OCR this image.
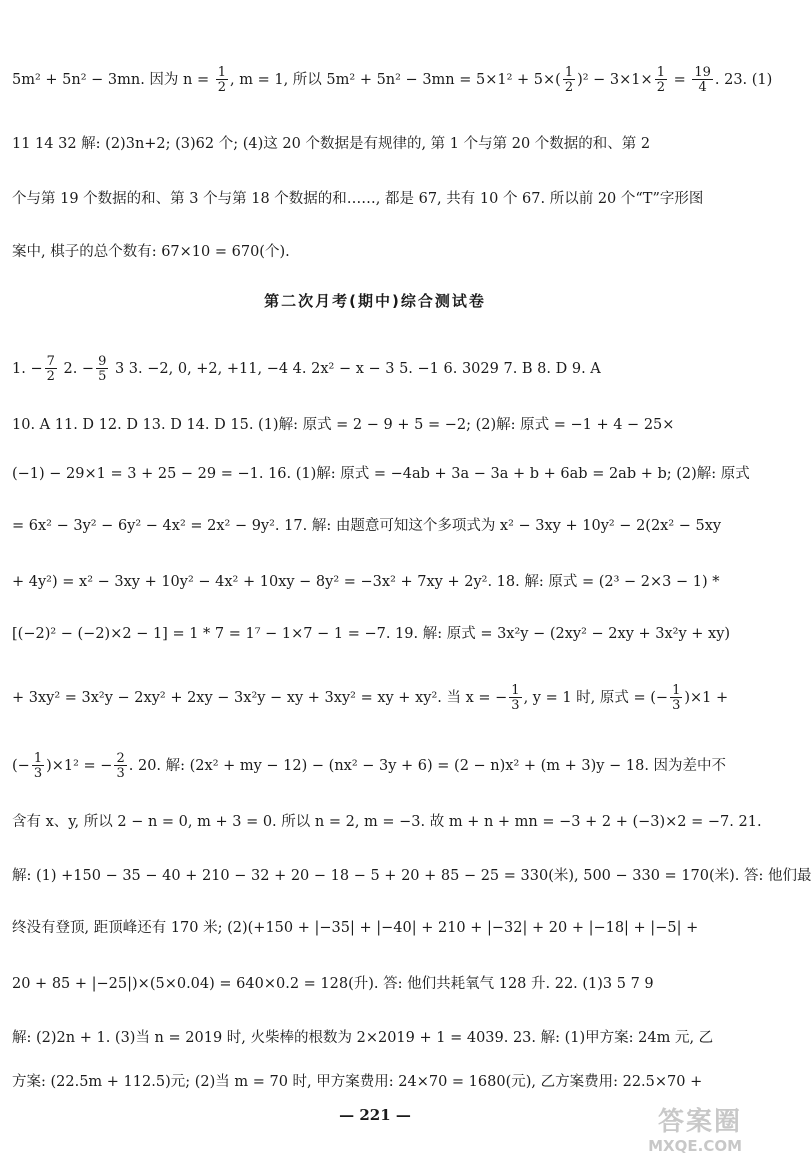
5m² + 5n² − 3mn. 因为 $n = \frac{1}{2}$ , m = 1, 所以 $5m^2 + 5n^2 - 3mn = 5\times 1^2 + 5\times( \frac{1}{2} )^2 - 3\times 1\times \frac{1}{2} = \frac{19}{4}$ . 23. (1)
11 14 32 解: (2)3n+2; (3)62 个; (4)这 20 个数据是有规律的, 第 1 个与第 20 个数据的和、第 2
个与第 19 个数据的和、第 3 个与第 18 个数据的和……, 都是 67, 共有 10 个 67. 所以前 20 个“T”字形图
案中, 棋子的总个数有: 67×10 = 670(个).
第二次月考(期中)综合测试卷
1. − $\frac{7}{2} 2$. − $\frac{9}{5} 3$ 3. −2, 0, +2, +11, −4 4. 2x² − x − 3 5. −1 6. 3029 7. B 8. D 9. A
10. A 11. D 12. D 13. D 14. D 15. (1)解: 原式 = 2 − 9 + 5 = −2; (2)解: 原式 = −1 + 4 − 25×
(−1) − 29×1 = 3 + 25 − 29 = −1. 16. (1)解: 原式 = −4ab + 3a − 3a + b + 6ab = 2ab + b; (2)解: 原式
= 6x² − 3y² − 6y² − 4x² = 2x² − 9y². 17. 解: 由题意可知这个多项式为 x² − 3xy + 10y² − 2(2x² − 5xy
+ 4y²) = x² − 3xy + 10y² − 4x² + 10xy − 8y² = −3x² + 7xy + 2y². 18. 解: 原式 = (2³ − 2×3 − 1) *
[(−2)² − (−2)×2 − 1] = 1 * 7 = 1⁷ − 1×7 − 1 = −7. 19. 解: 原式 = 3x²y − (2xy² − 2xy + 3x²y + xy)
+ 3xy² = 3x²y − 2xy² + 2xy − 3x²y − xy + 3xy² = xy + xy². 当 x = − $\frac{1}{3}$ , y = 1 时, 原式 = (− $\frac{1}{3} )\times 1$ +
(− $\frac{1}{3} )\times 1^2$ = − $\frac{2}{3}$ . 20. 解: (2x² + my − 12) − (nx² − 3y + 6) = (2 − n)x² + (m + 3)y − 18. 因为差中不
含有 x、y, 所以 2 − n = 0, m + 3 = 0. 所以 n = 2, m = −3. 故 m + n + mn = −3 + 2 + (−3)×2 = −7. 21.
解: (1) +150 − 35 − 40 + 210 − 32 + 20 − 18 − 5 + 20 + 85 − 25 = 330(米), 500 − 330 = 170(米). 答: 他们最
终没有登顶, 距顶峰还有 170 米; (2)(+150 + |−35| + |−40| + 210 + |−32| + 20 + |−18| + |−5| +
20 + 85 + |−25|)×(5×0.04) = 640×0.2 = 128(升). 答: 他们共耗氧气 128 升. 22. (1)3 5 7 9
解: (2)2n + 1. (3)当 n = 2019 时, 火柴棒的根数为 2×2019 + 1 = 4039. 23. 解: (1)甲方案: 24m 元, 乙
方案: (22.5m + 112.5)元; (2)当 m = 70 时, 甲方案费用: 24×70 = 1680(元), 乙方案费用: 22.5×70 +
— 221 —	答案圈
MXQE.COM
